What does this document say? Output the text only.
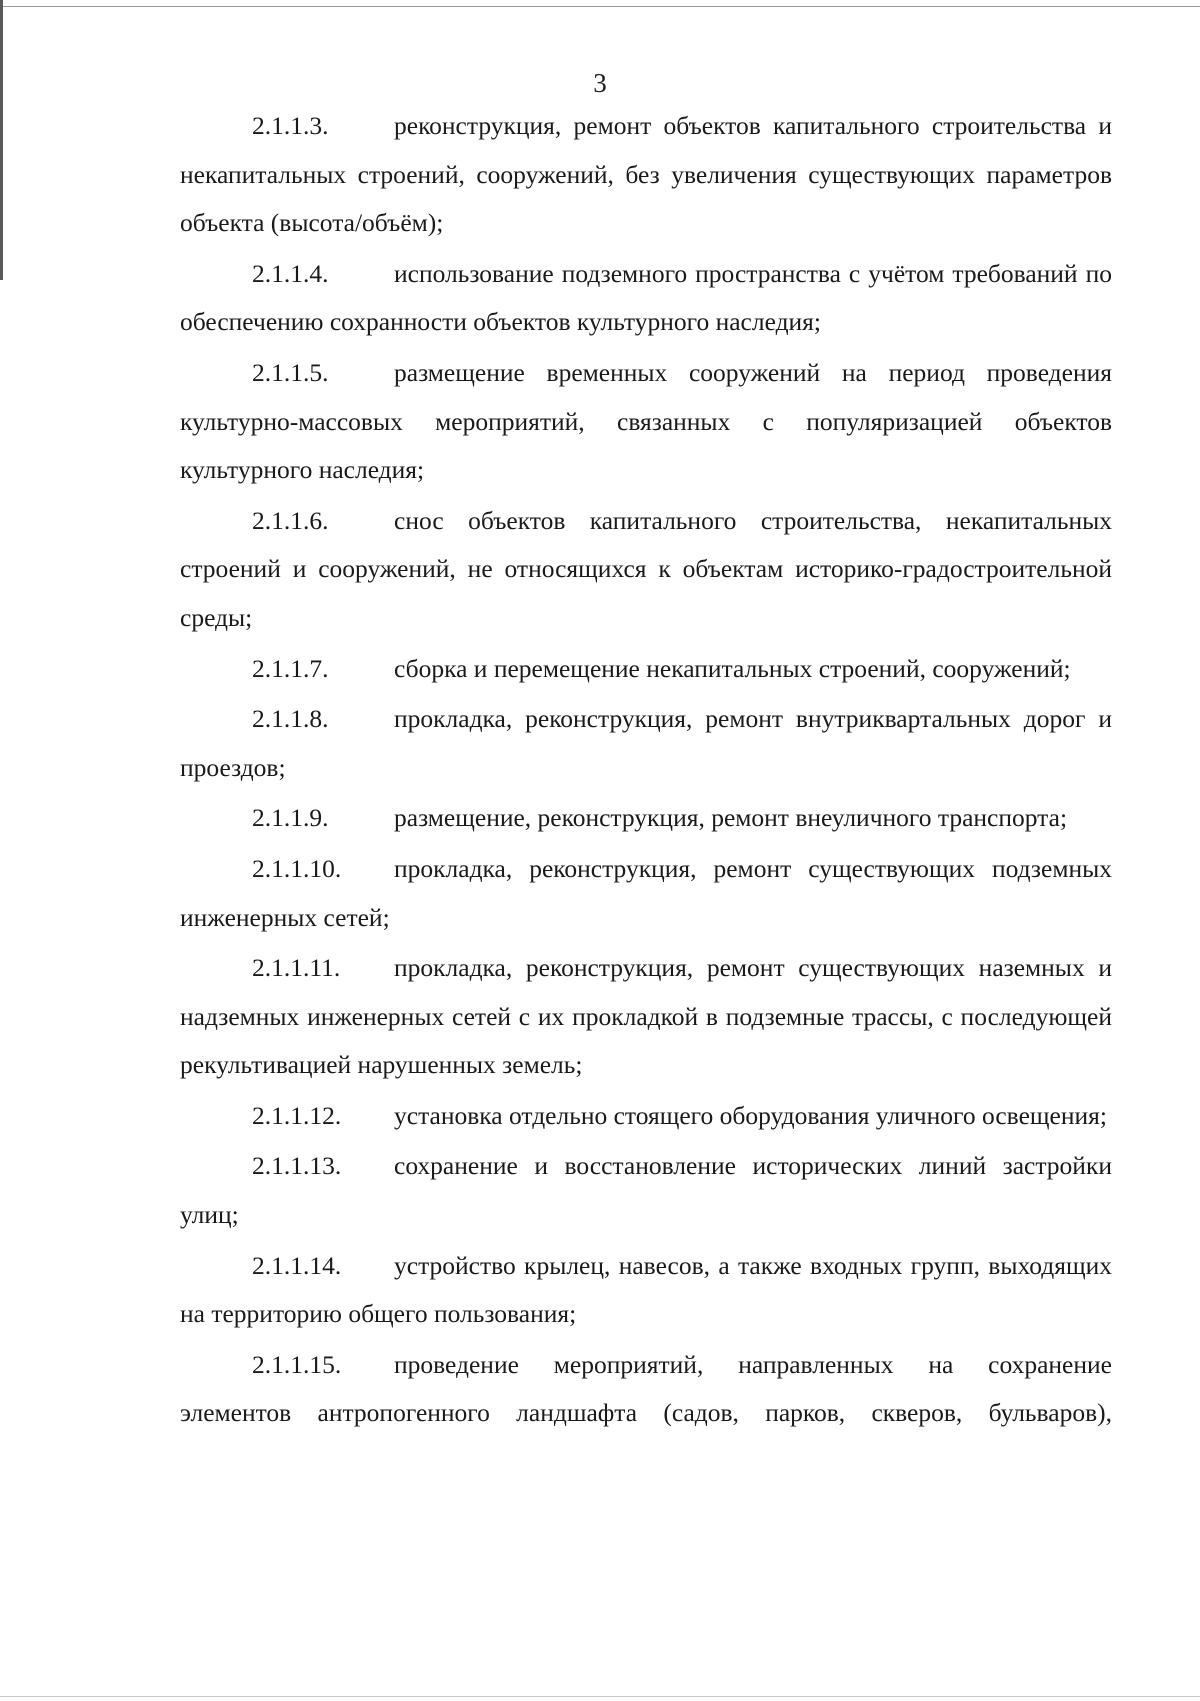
3

2.1.1.3.	реконструкция, ремонт объектов капитального строительства и некапитальных строений, сооружений, без увеличения существующих параметров объекта (высота/объём);

2.1.1.4.	использование подземного пространства с учётом требований по обеспечению сохранности объектов культурного наследия;

2.1.1.5.	размещение временных сооружений на период проведения культурно-массовых мероприятий, связанных с популяризацией объектов культурного наследия;

2.1.1.6.	снос объектов капитального строительства, некапитальных строений и сооружений, не относящихся к объектам историко-градостроительной среды;

2.1.1.7.	сборка и перемещение некапитальных строений, сооружений;

2.1.1.8.	прокладка, реконструкция, ремонт внутриквартальных дорог и проездов;

2.1.1.9.	размещение, реконструкция, ремонт внеуличного транспорта;

2.1.1.10. прокладка, реконструкция, ремонт существующих подземных инженерных сетей;

2.1.1.11. прокладка, реконструкция, ремонт существующих наземных и надземных инженерных сетей с их прокладкой в подземные трассы, с последующей рекультивацией нарушенных земель;

2.1.1.12. установка отдельно стоящего оборудования уличного освещения;

2.1.1.13. сохранение и восстановление исторических линий застройки улиц;

2.1.1.14. устройство крылец, навесов, а также входных групп, выходящих на территорию общего пользования;

2.1.1.15. проведение мероприятий, направленных на сохранение элементов антропогенного ландшафта (садов, парков, скверов, бульваров),
